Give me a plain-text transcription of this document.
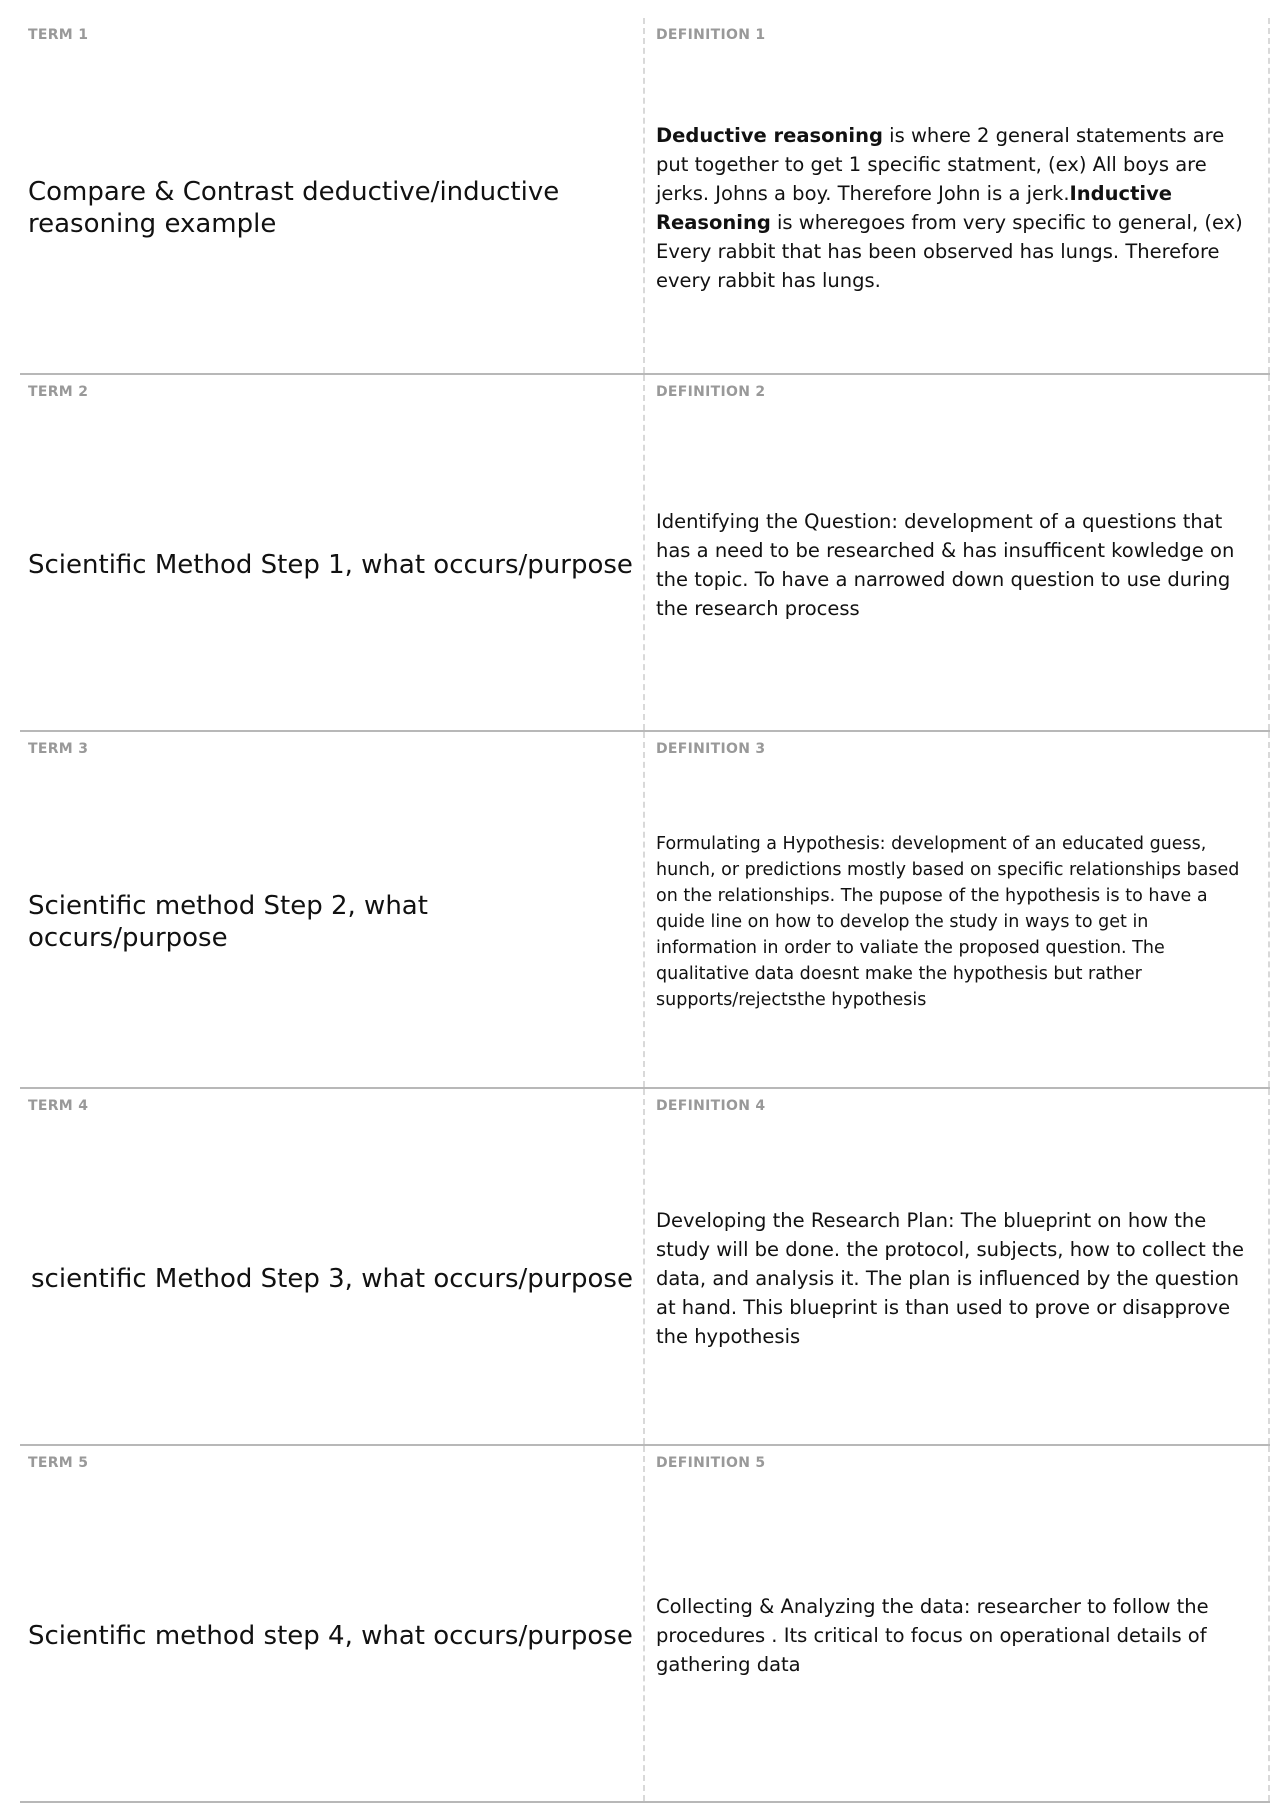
TERM 1
Compare & Contrast deductive/inductive reasoning example
DEFINITION 1
Deductive reasoning is where 2 general statements are put together to get 1 specific statment, (ex) All boys are jerks. Johns a boy. Therefore John is a jerk.Inductive Reasoning is wheregoes from very specific to general, (ex) Every rabbit that has been observed has lungs. Therefore every rabbit has lungs.
TERM 2
Scientific Method Step 1, what occurs/purpose
DEFINITION 2
Identifying the Question: development of a questions that has a need to be researched & has insufficent kowledge on the topic. To have a narrowed down question to use during the research process
TERM 3
Scientific method Step 2, what occurs/purpose
DEFINITION 3
Formulating a Hypothesis: development of an educated guess, hunch, or predictions mostly based on specific relationships based on the relationships. The pupose of the hypothesis is to have a quide line on how to develop the study in ways to get in information in order to valiate the proposed question. The qualitative data doesnt make the hypothesis but rather supports/rejectsthe hypothesis
TERM 4
scientific Method Step 3, what occurs/purpose
DEFINITION 4
Developing the Research Plan: The blueprint on how the study will be done. the protocol, subjects, how to collect the data, and analysis it. The plan is influenced by the question at hand. This blueprint is than used to prove or disapprove the hypothesis
TERM 5
Scientific method step 4, what occurs/purpose
DEFINITION 5
Collecting & Analyzing the data: researcher to follow the procedures . Its critical to focus on operational details of gathering data
